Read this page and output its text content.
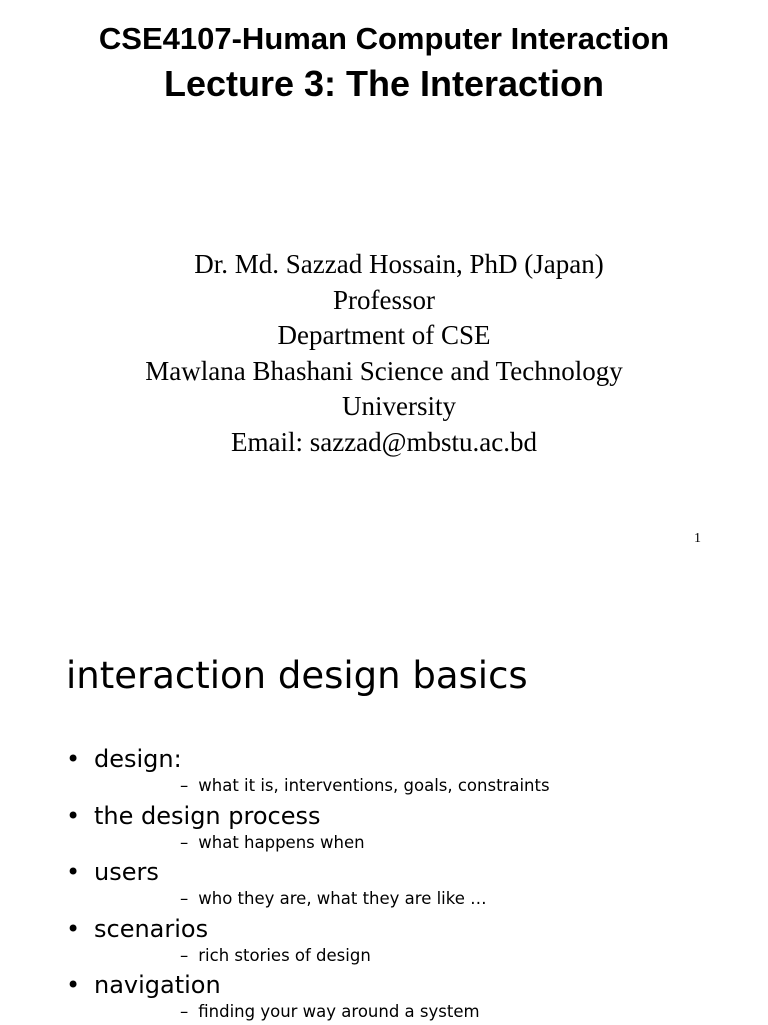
CSE4107-Human Computer Interaction
Lecture 3: The Interaction
Dr. Md. Sazzad Hossain, PhD (Japan)
Professor
Department of CSE
Mawlana Bhashani Science and Technology
University
Email: sazzad@mbstu.ac.bd
1
interaction design basics
• design:
– what it is, interventions, goals, constraints
• the design process
– what happens when
• users
– who they are, what they are like …
• scenarios
– rich stories of design
• navigation
– finding your way around a system
